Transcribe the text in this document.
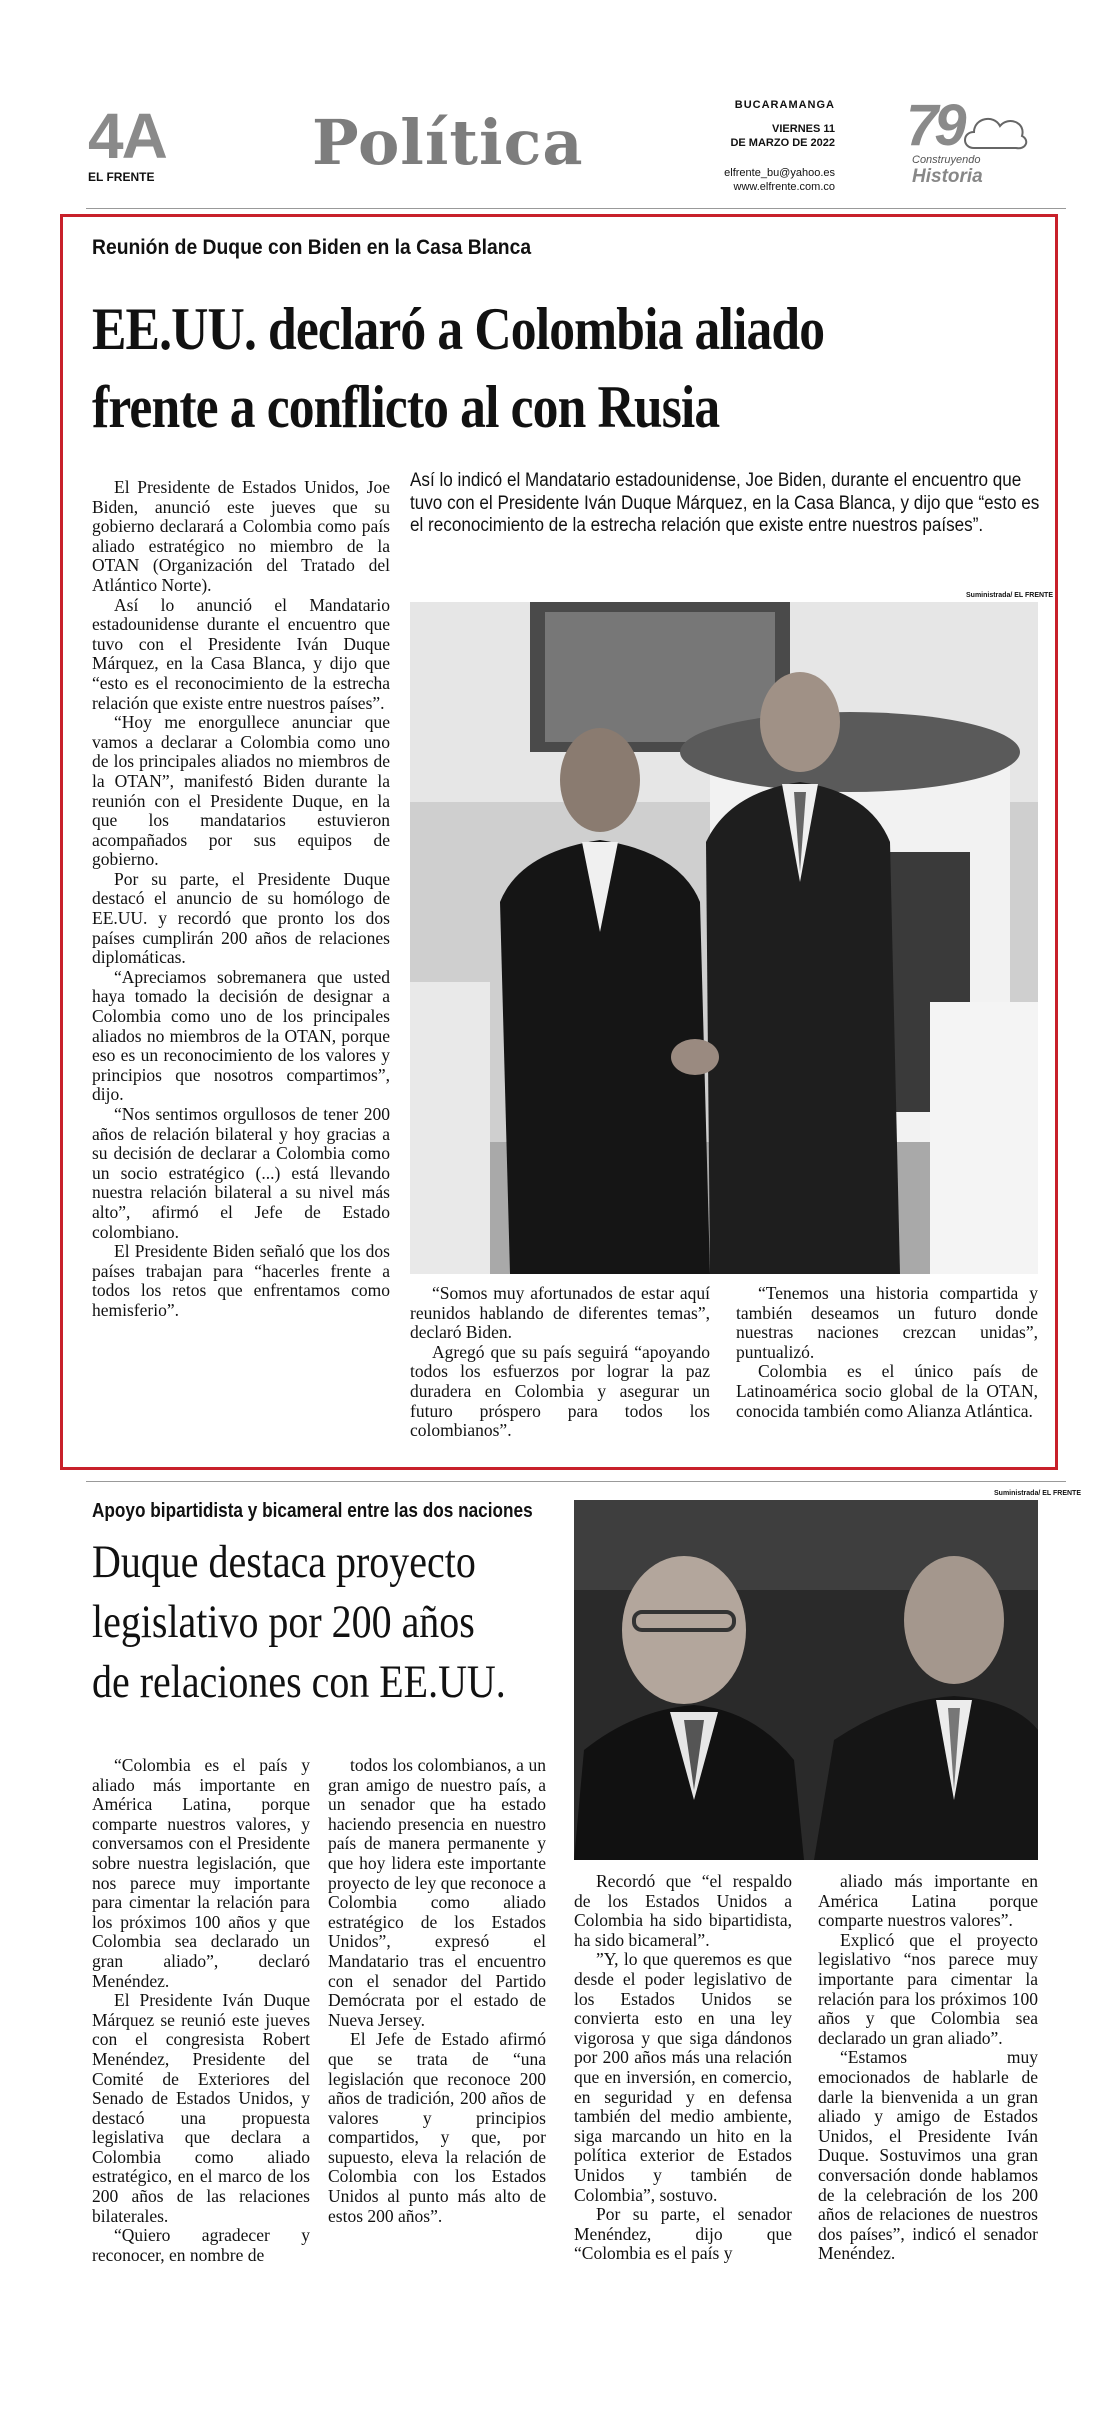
4A
EL FRENTE	Política
BUCARAMANGA
VIERNES 11
DE MARZO DE 2022
elfrente_bu@yahoo.es
www.elfrente.com.co
79
Construyendo
Historia
Reunión de Duque con Biden en la Casa Blanca
EE.UU. declaró a Colombia aliado
frente a conflicto al con Rusia
Así lo indicó el Mandatario estadounidense, Joe Biden, durante el encuentro que tuvo con el Presidente Iván Duque Márquez, en la Casa Blanca, y dijo que “esto es el reconocimiento de la estrecha relación que existe entre nuestros países”.

El Presidente de Estados Unidos, Joe Biden, anunció este jueves que su gobierno declarará a Colombia como país aliado estratégico no miembro de la OTAN (Organización del Tratado del Atlántico Norte).

Así lo anunció el Mandatario estadounidense durante el encuentro que tuvo con el Presidente Iván Duque Márquez, en la Casa Blanca, y dijo que “esto es el reconocimiento de la estrecha relación que existe entre nuestros países”.

“Hoy me enorgullece anunciar que vamos a declarar a Colombia como uno de los principales aliados no miembros de la OTAN”, manifestó Biden durante la reunión con el Presidente Duque, en la que los mandatarios estuvieron acompañados por sus equipos de gobierno.

Por su parte, el Presidente Duque destacó el anuncio de su homólogo de EE.UU. y recordó que pronto los dos países cumplirán 200 años de relaciones diplomáticas.

“Apreciamos sobremanera que usted haya tomado la decisión de designar a Colombia como uno de los principales aliados no miembros de la OTAN, porque eso es un reconocimiento de los valores y principios que nosotros compartimos”, dijo.

“Nos sentimos orgullosos de tener 200 años de relación bilateral y hoy gracias a su decisión de declarar a Colombia como un socio estratégico (...) está llevando nuestra relación bilateral a su nivel más alto”, afirmó el Jefe de Estado colombiano.

El Presidente Biden señaló que los dos países trabajan para “hacerles frente a todos los retos que enfrentamos como hemisferio”.

Suministrada/ EL FRENTE

“Somos muy afortunados de estar aquí reunidos hablando de diferentes temas”, declaró Biden.

Agregó que su país seguirá “apoyando todos los esfuerzos por lograr la paz duradera en Colombia y asegurar un futuro próspero para todos los colombianos”.

“Tenemos una historia compartida y también deseamos un futuro donde nuestras naciones crezcan unidas”, puntualizó.

Colombia es el único país de Latinoamérica socio global de la OTAN, conocida también como Alianza Atlántica.

Apoyo bipartidista y bicameral entre las dos naciones
Duque destaca proyecto
legislativo por 200 años
de relaciones con EE.UU.
Suministrada/ EL FRENTE

“Colombia es el país y aliado más importante en América Latina, porque comparte nuestros valores, y conversamos con el Presidente sobre nuestra legislación, que nos parece muy importante para cimentar la relación para los próximos 100 años y que Colombia sea declarado un gran aliado”, declaró Menéndez.

El Presidente Iván Duque Márquez se reunió este jueves con el congresista Robert Menéndez, Presidente del Comité de Exteriores del Senado de Estados Unidos, y destacó una propuesta legislativa que declara a Colombia como aliado estratégico, en el marco de los 200 años de las relaciones bilaterales.

“Quiero agradecer y reconocer, en nombre de

todos los colombianos, a un gran amigo de nuestro país, a un senador que ha estado haciendo presencia en nuestro país de manera permanente y que hoy lidera este importante proyecto de ley que reconoce a Colombia como aliado estratégico de los Estados Unidos”, expresó el Mandatario tras el encuentro con el senador del Partido Demócrata por el estado de Nueva Jersey.

El Jefe de Estado afirmó que se trata de “una legislación que reconoce 200 años de tradición, 200 años de valores y principios compartidos, y que, por supuesto, eleva la relación de Colombia con los Estados Unidos al punto más alto de estos 200 años”.

Recordó que “el respaldo de los Estados Unidos a Colombia ha sido bipartidista, ha sido bicameral”.

”Y, lo que queremos es que desde el poder legislativo de los Estados Unidos se convierta esto en una ley vigorosa y que siga dándonos por 200 años más una relación que en inversión, en comercio, en seguridad y en defensa también del medio ambiente, siga marcando un hito en la política exterior de Estados Unidos y también de Colombia”, sostuvo.

Por su parte, el senador Menéndez, dijo que “Colombia es el país y

aliado más importante en América Latina porque comparte nuestros valores”.

Explicó que el proyecto legislativo “nos parece muy importante para cimentar la relación para los próximos 100 años y que Colombia sea declarado un gran aliado”.

“Estamos muy emocionados de hablarle de darle la bienvenida a un gran aliado y amigo de Estados Unidos, el Presidente Iván Duque. Sostuvimos una gran conversación donde hablamos de la celebración de los 200 años de relaciones de nuestros dos países”, indicó el senador Menéndez.
